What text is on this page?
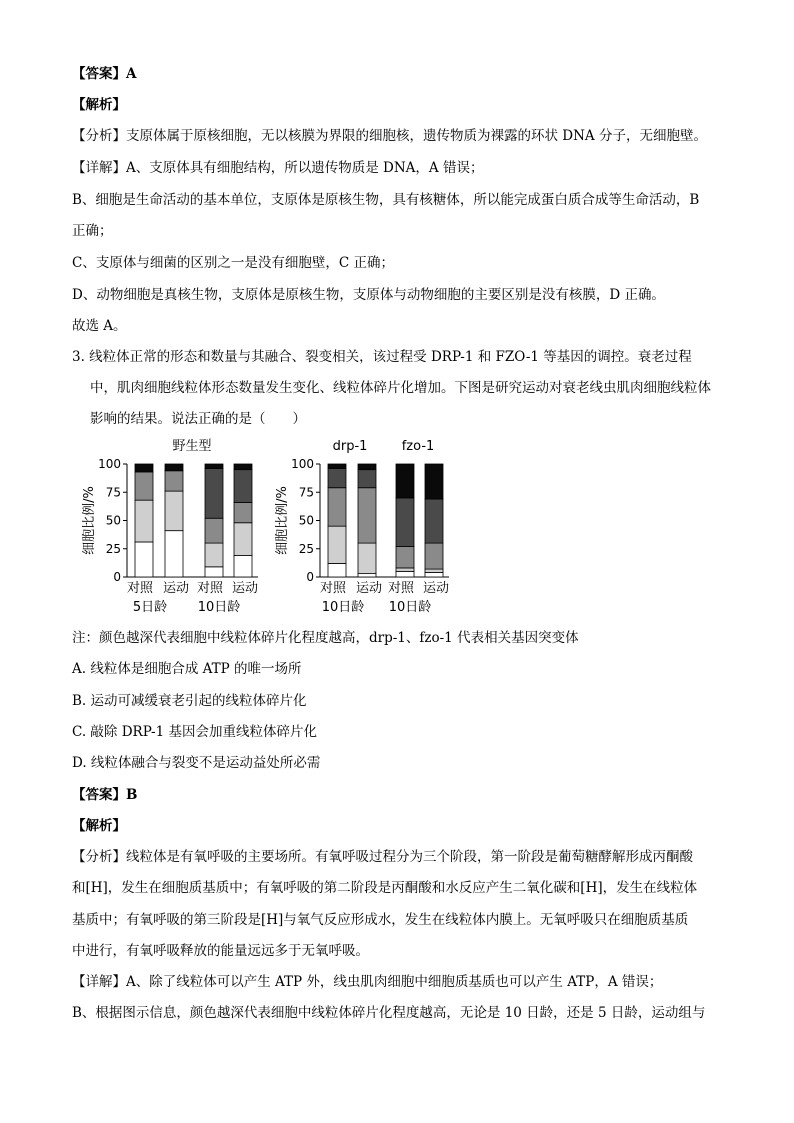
【答案】A
【解析】
【分析】支原体属于原核细胞，无以核膜为界限的细胞核，遗传物质为裸露的环状 DNA 分子，无细胞壁。
【详解】A、支原体具有细胞结构，所以遗传物质是 DNA，A 错误；
B、细胞是生命活动的基本单位，支原体是原核生物，具有核糖体，所以能完成蛋白质合成等生命活动，B
正确；
C、支原体与细菌的区别之一是没有细胞壁，C 正确；
D、动物细胞是真核生物，支原体是原核生物，支原体与动物细胞的主要区别是没有核膜，D 正确。
故选 A。
3. 线粒体正常的形态和数量与其融合、裂变相关，该过程受 DRP-1 和 FZO-1 等基因的调控。衰老过程
中，肌肉细胞线粒体形态数量发生变化、线粒体碎片化增加。下图是研究运动对衰老线虫肌肉细胞线粒体
影响的结果。说法正确的是（　　）
注：颜色越深代表细胞中线粒体碎片化程度越高，drp-1、fzo-1 代表相关基因突变体
A. 线粒体是细胞合成 ATP 的唯一场所
B. 运动可减缓衰老引起的线粒体碎片化
C. 敲除 DRP-1 基因会加重线粒体碎片化
D. 线粒体融合与裂变不是运动益处所必需
【答案】B
【解析】
【分析】线粒体是有氧呼吸的主要场所。有氧呼吸过程分为三个阶段，第一阶段是葡萄糖酵解形成丙酮酸
和[H]，发生在细胞质基质中；有氧呼吸的第二阶段是丙酮酸和水反应产生二氧化碳和[H]，发生在线粒体
基质中；有氧呼吸的第三阶段是[H]与氧气反应形成水，发生在线粒体内膜上。无氧呼吸只在细胞质基质
中进行，有氧呼吸释放的能量远远多于无氧呼吸。
【详解】A、除了线粒体可以产生 ATP 外，线虫肌肉细胞中细胞质基质也可以产生 ATP，A 错误；
B、根据图示信息，颜色越深代表细胞中线粒体碎片化程度越高，无论是 10 日龄，还是 5 日龄，运动组与
0
25
50
75
100
细胞比例/%
野生型
对照 运动 对照 运动
5日龄 10日龄
0
25
50
75
100
细胞比例/%
drp-1	fzo-1
对照 运动 对照 运动
10日龄 10日龄
